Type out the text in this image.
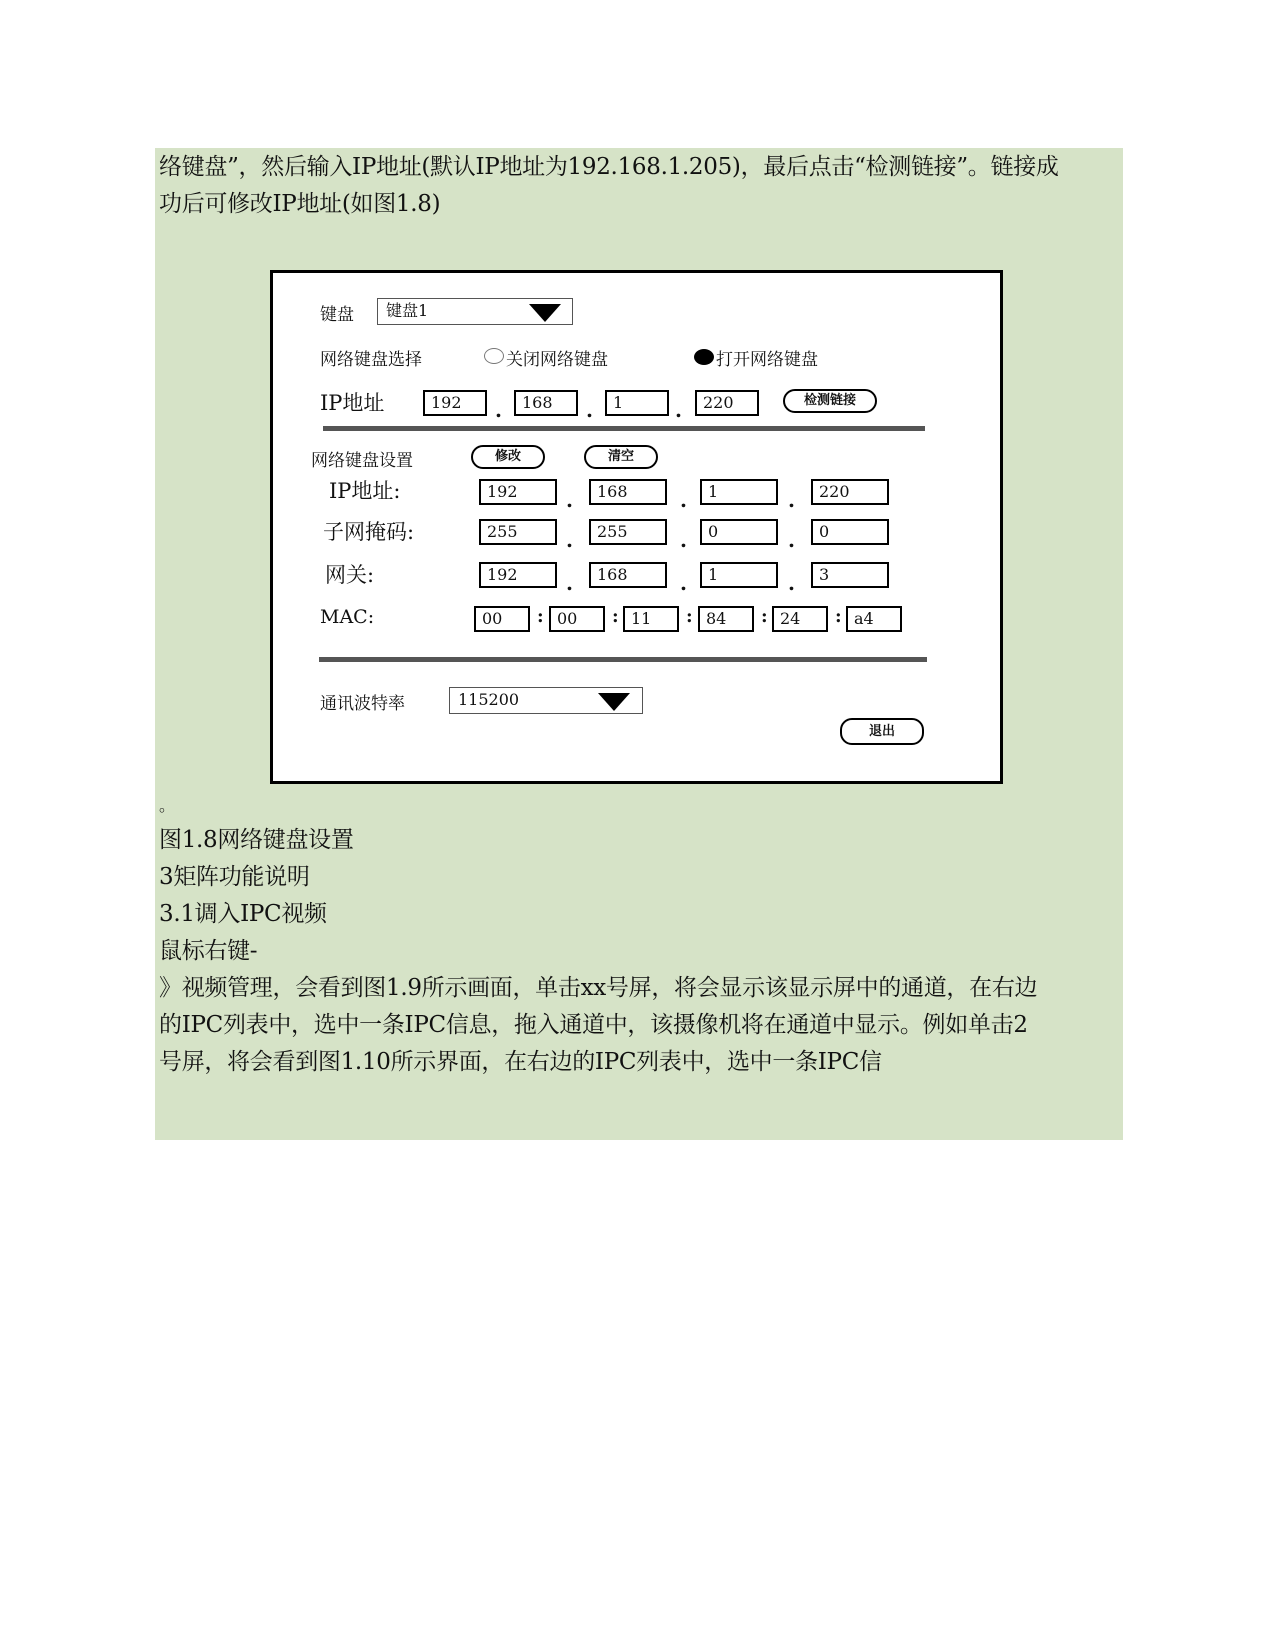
络键盘”，然后输入IP地址(默认IP地址为192.168.1.205)，最后点击“检测链接”。链接成
功后可修改IP地址(如图1.8)
键盘	键盘1
网络键盘选择	关闭网络键盘	打开网络键盘
IP地址	192	.	168	.	1	.	220	检测链接
网络键盘设置	修改	清空
IP地址:	192	.	168	.	1	.	220
子网掩码:	255	.	255	.	0	.	0
网关:	192	.	168	.	1	.	3
MAC:	00	: 00	: 11	: 84	: 24	: a4
通讯波特率	115200
退出
。
图1.8网络键盘设置
3矩阵功能说明
3.1调入IPC视频
鼠标右键-
》视频管理，会看到图1.9所示画面，单击xx号屏，将会显示该显示屏中的通道，在右边
的IPC列表中，选中一条IPC信息，拖入通道中，该摄像机将在通道中显示。例如单击2
号屏，将会看到图1.10所示界面，在右边的IPC列表中，选中一条IPC信
